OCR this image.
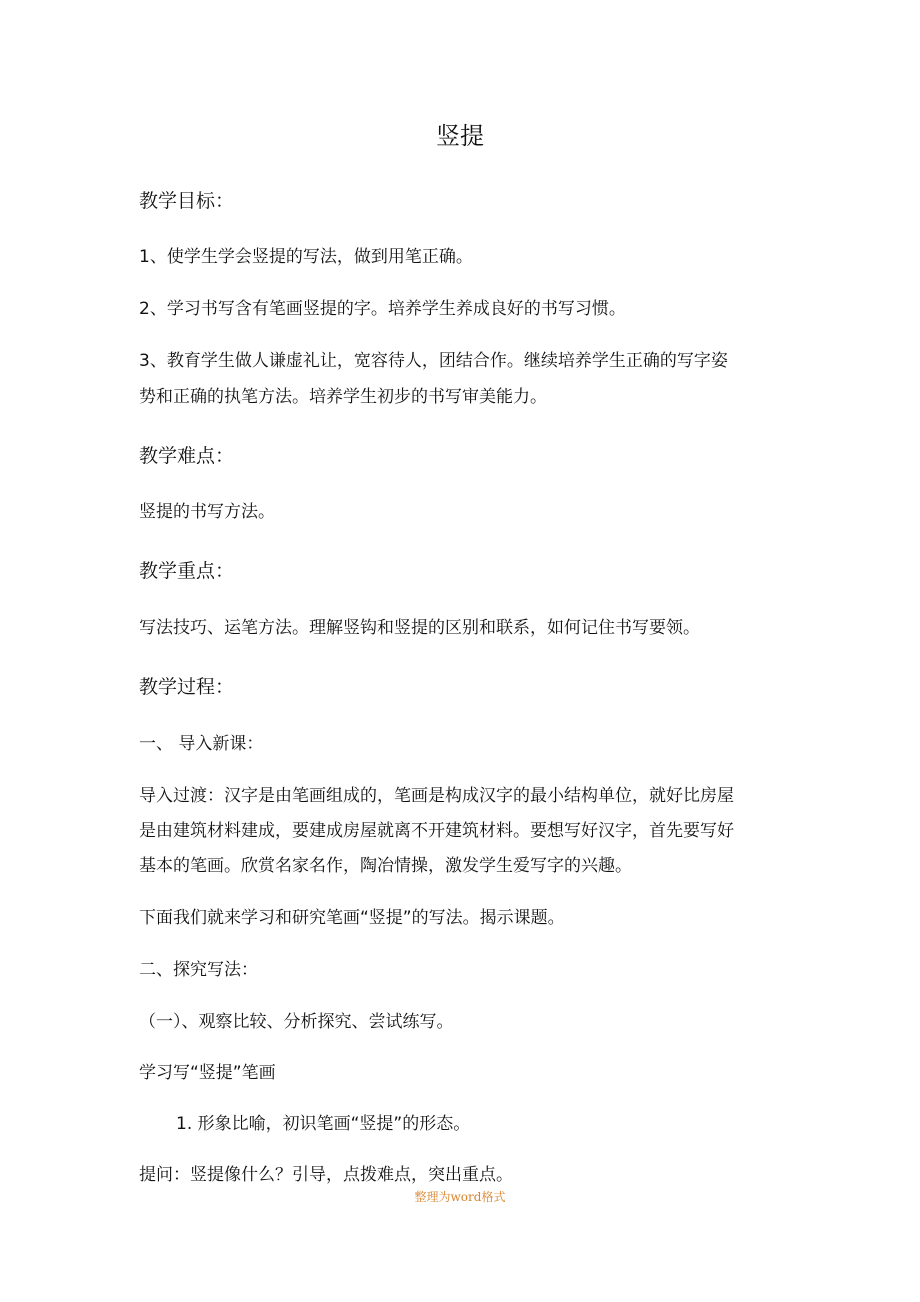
竖提
教学目标：
1、使学生学会竖提的写法，做到用笔正确。
2、学习书写含有笔画竖提的字。培养学生养成良好的书写习惯。
3、教育学生做人谦虚礼让，宽容待人，团结合作。继续培养学生正确的写字姿
势和正确的执笔方法。培养学生初步的书写审美能力。
教学难点：
竖提的书写方法。
教学重点：
写法技巧、运笔方法。理解竖钩和竖提的区别和联系，如何记住书写要领。
教学过程：
一、 导入新课：
导入过渡：汉字是由笔画组成的，笔画是构成汉字的最小结构单位，就好比房屋
是由建筑材料建成，要建成房屋就离不开建筑材料。要想写好汉字，首先要写好
基本的笔画。欣赏名家名作，陶冶情操，激发学生爱写字的兴趣。
下面我们就来学习和研究笔画“竖提”的写法。揭示课题。
二、探究写法：
（一）、观察比较、分析探究、尝试练写。
学习写“竖提”笔画
1. 形象比喻，初识笔画“竖提”的形态。
提问：竖提像什么？引导，点拨难点，突出重点。
整理为word格式
